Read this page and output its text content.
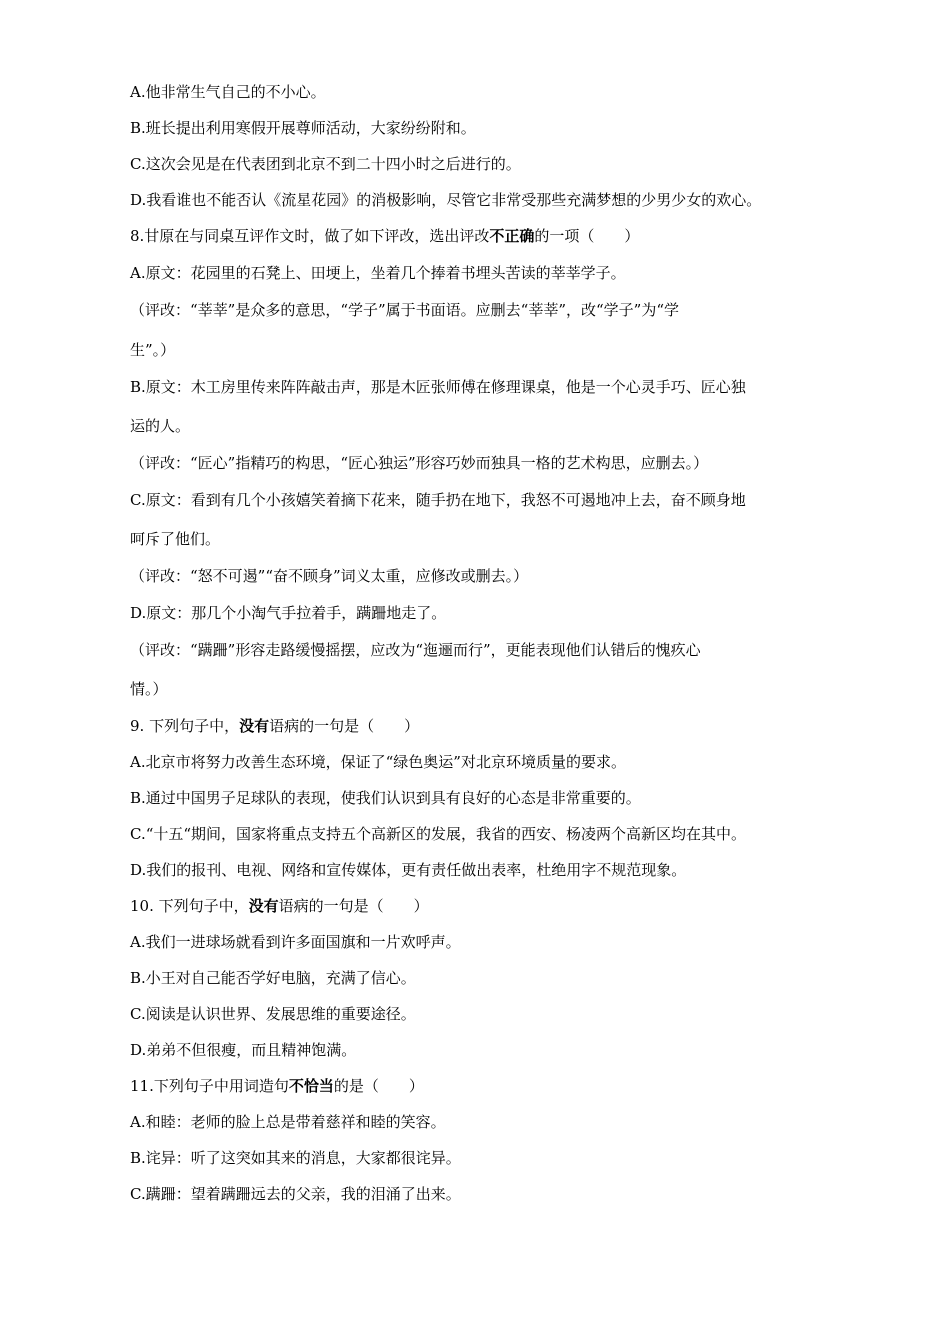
A.他非常生气自己的不小心。
B.班长提出利用寒假开展尊师活动，大家纷纷附和。
C.这次会见是在代表团到北京不到二十四小时之后进行的。
D.我看谁也不能否认《流星花园》的消极影响，尽管它非常受那些充满梦想的少男少女的欢心。
8.甘原在与同桌互评作文时，做了如下评改，选出评改不正确的一项（　　）
A.原文：花园里的石凳上、田埂上，坐着几个捧着书埋头苦读的莘莘学子。
（评改：“莘莘”是众多的意思，“学子”属于书面语。应删去“莘莘”，改“学子”为“学
生”。）
B.原文：木工房里传来阵阵敲击声，那是木匠张师傅在修理课桌，他是一个心灵手巧、匠心独
运的人。
（评改：“匠心”指精巧的构思，“匠心独运”形容巧妙而独具一格的艺术构思，应删去。）
C.原文：看到有几个小孩嬉笑着摘下花来，随手扔在地下，我怒不可遏地冲上去，奋不顾身地
呵斥了他们。
（评改：“怒不可遏”“奋不顾身”词义太重，应修改或删去。）
D.原文：那几个小淘气手拉着手，蹒跚地走了。
（评改：“蹒跚”形容走路缓慢摇摆，应改为“迤逦而行”，更能表现他们认错后的愧疚心
情。）
9. 下列句子中，没有语病的一句是（　　）
A.北京市将努力改善生态环境，保证了“绿色奥运”对北京环境质量的要求。
B.通过中国男子足球队的表现，使我们认识到具有良好的心态是非常重要的。
C.“十五“期间，国家将重点支持五个高新区的发展，我省的西安、杨凌两个高新区均在其中。
D.我们的报刊、电视、网络和宣传媒体，更有责任做出表率，杜绝用字不规范现象。
10. 下列句子中，没有语病的一句是（　　）
A.我们一进球场就看到许多面国旗和一片欢呼声。
B.小王对自己能否学好电脑，充满了信心。
C.阅读是认识世界、发展思维的重要途径。
D.弟弟不但很瘦，而且精神饱满。
11.下列句子中用词造句不恰当的是（　　）
A.和睦：老师的脸上总是带着慈祥和睦的笑容。
B.诧异：听了这突如其来的消息，大家都很诧异。
C.蹒跚：望着蹒跚远去的父亲，我的泪涌了出来。
